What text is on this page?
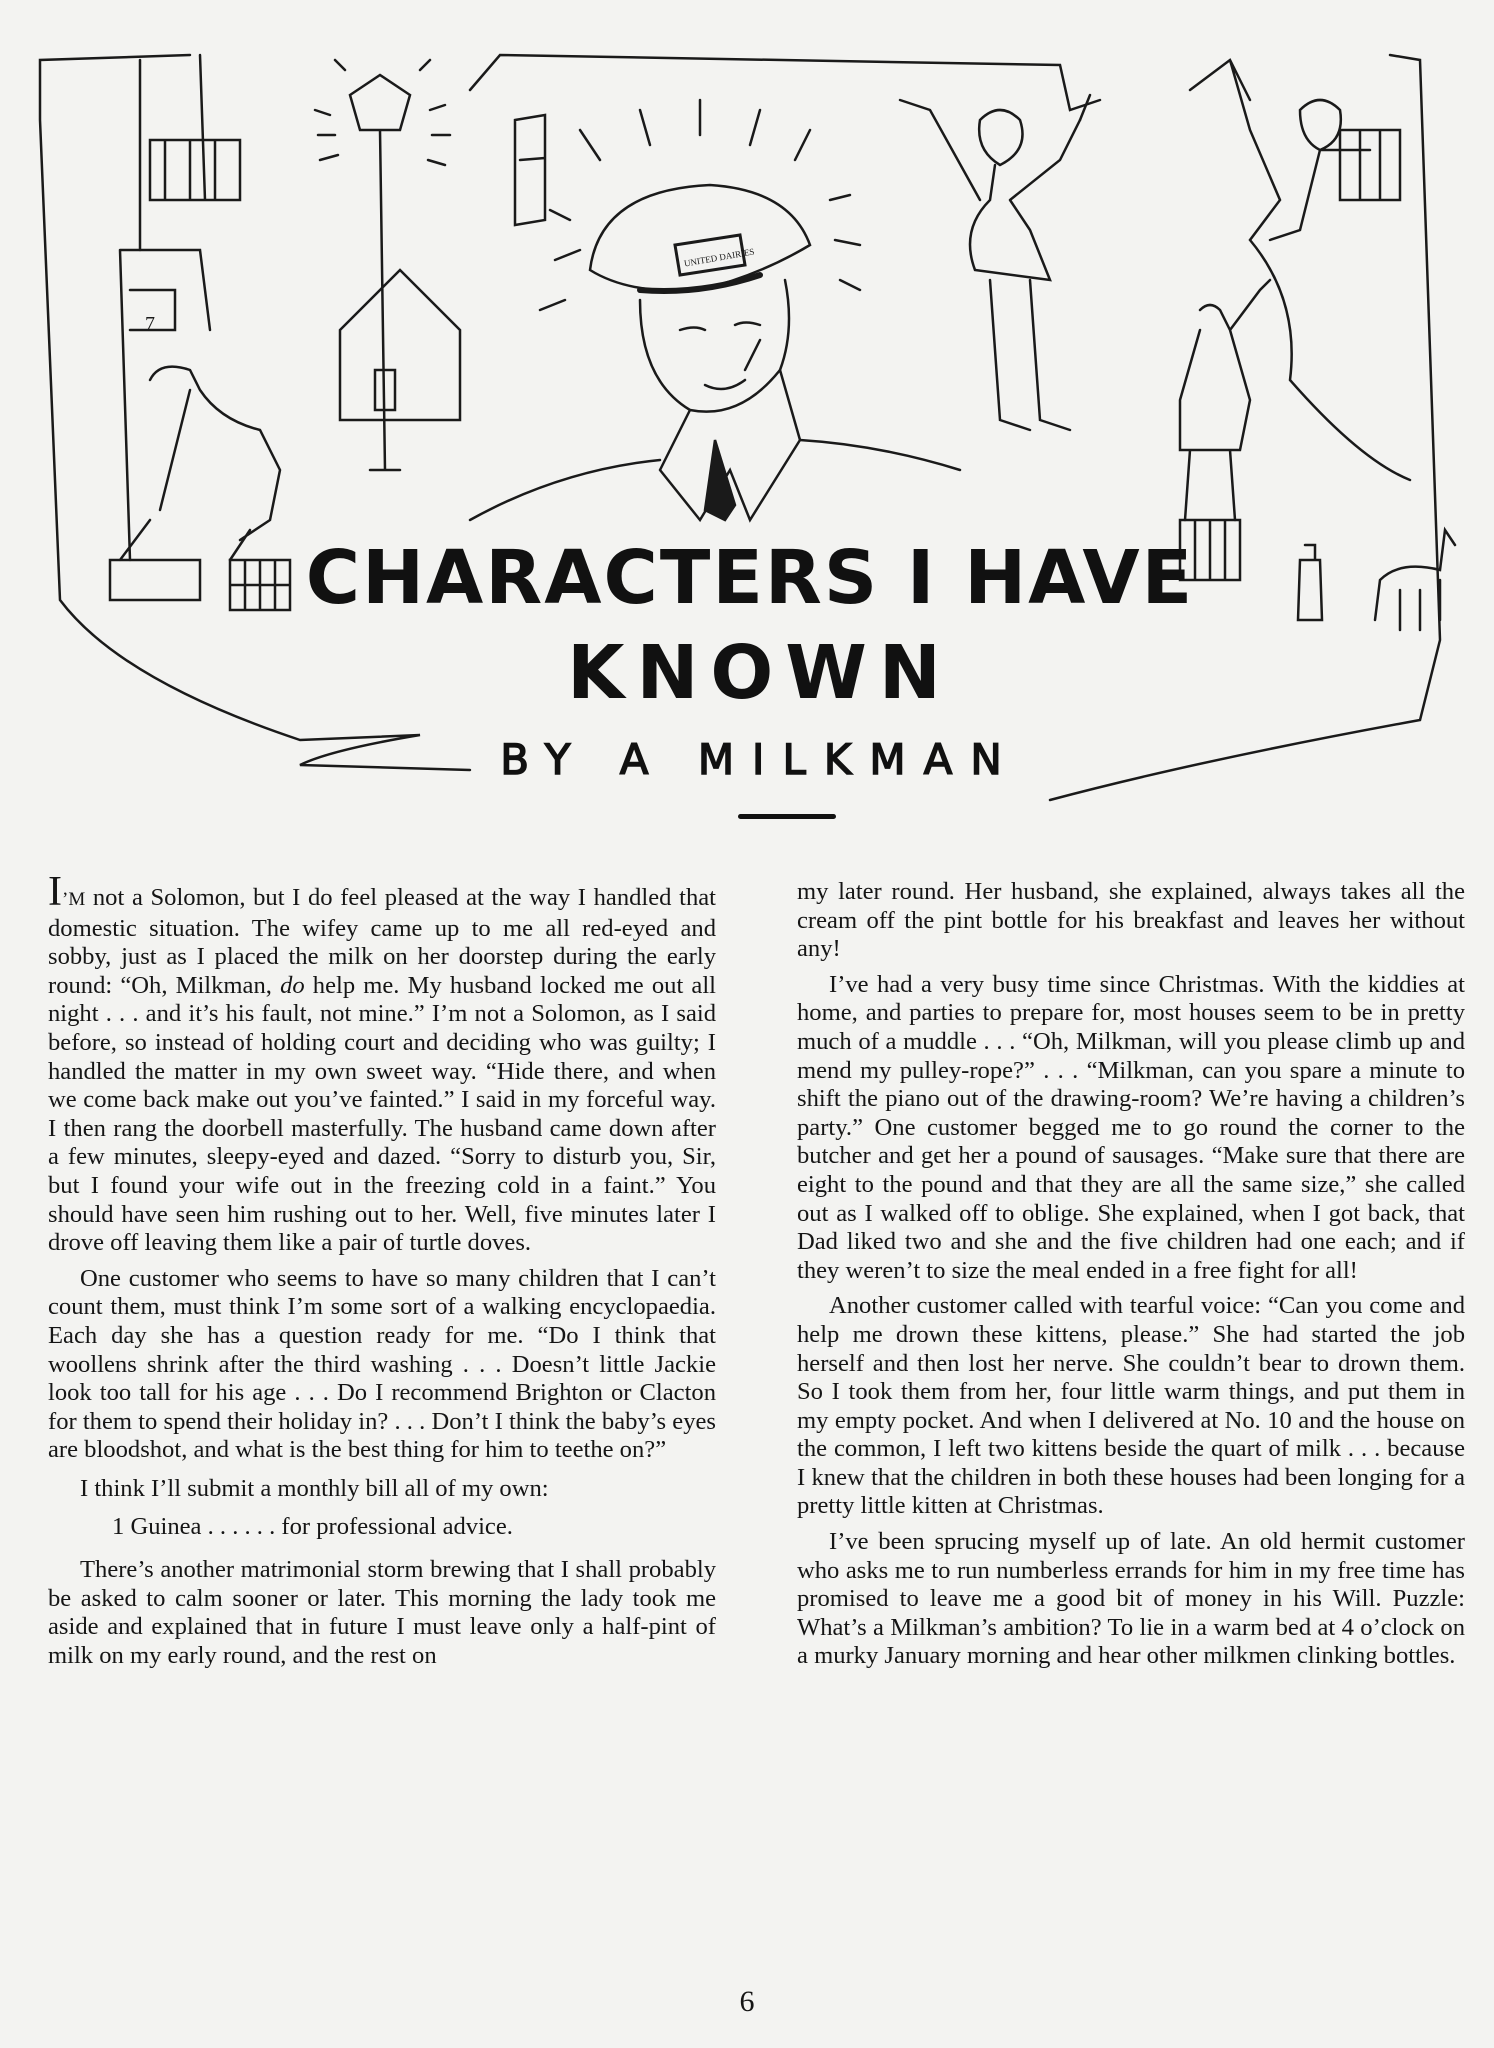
7
UNITED DAIRIES
CHARACTERS I HAVE
KNOWN
BY A MILKMAN

I’M not a Solomon, but I do feel pleased at the way I handled that domestic situation. The wifey came up to me all red-eyed and sobby, just as I placed the milk on her doorstep during the early round: “Oh, Milkman, do help me. My husband locked me out all night . . . and it’s his fault, not mine.” I’m not a Solomon, as I said before, so instead of holding court and deciding who was guilty; I handled the matter in my own sweet way. “Hide there, and when we come back make out you’ve fainted.” I said in my forceful way. I then rang the doorbell masterfully. The husband came down after a few minutes, sleepy-eyed and dazed. “Sorry to disturb you, Sir, but I found your wife out in the freezing cold in a faint.” You should have seen him rushing out to her. Well, five minutes later I drove off leaving them like a pair of turtle doves.

One customer who seems to have so many children that I can’t count them, must think I’m some sort of a walking encyclopaedia. Each day she has a question ready for me. “Do I think that woollens shrink after the third washing . . . Doesn’t little Jackie look too tall for his age . . . Do I recommend Brighton or Clacton for them to spend their holiday in? . . . Don’t I think the baby’s eyes are bloodshot, and what is the best thing for him to teethe on?”

I think I’ll submit a monthly bill all of my own:

1 Guinea . . . . . . for professional advice.

There’s another matrimonial storm brewing that I shall probably be asked to calm sooner or later. This morning the lady took me aside and explained that in future I must leave only a half-pint of milk on my early round, and the rest on

my later round. Her husband, she explained, always takes all the cream off the pint bottle for his breakfast and leaves her without any!

I’ve had a very busy time since Christmas. With the kiddies at home, and parties to prepare for, most houses seem to be in pretty much of a muddle . . . “Oh, Milkman, will you please climb up and mend my pulley-rope?” . . . “Milkman, can you spare a minute to shift the piano out of the drawing-room? We’re having a children’s party.” One customer begged me to go round the corner to the butcher and get her a pound of sausages. “Make sure that there are eight to the pound and that they are all the same size,” she called out as I walked off to oblige. She explained, when I got back, that Dad liked two and she and the five children had one each; and if they weren’t to size the meal ended in a free fight for all!

Another customer called with tearful voice: “Can you come and help me drown these kittens, please.” She had started the job herself and then lost her nerve. She couldn’t bear to drown them. So I took them from her, four little warm things, and put them in my empty pocket. And when I delivered at No. 10 and the house on the common, I left two kittens beside the quart of milk . . . because I knew that the children in both these houses had been longing for a pretty little kitten at Christmas.

I’ve been sprucing myself up of late. An old hermit customer who asks me to run numberless errands for him in my free time has promised to leave me a good bit of money in his Will. Puzzle: What’s a Milkman’s ambition? To lie in a warm bed at 4 o’clock on a murky January morning and hear other milkmen clinking bottles.

6
